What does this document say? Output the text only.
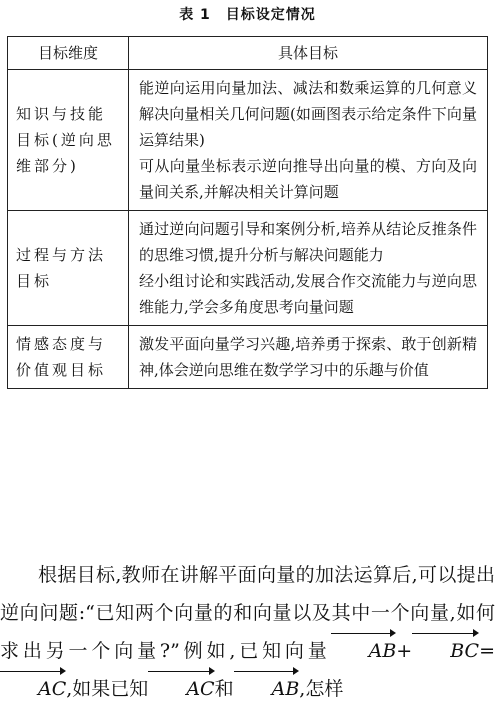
表 1　目标设定情况
目标维度	具体目标
知识与技能目标(逆向思维部分)	能逆向运用向量加法、减法和数乘运算的几何意义解决向量相关几何问题(如画图表示给定条件下向量运算结果)

可从向量坐标表示逆向推导出向量的模、方向及向量间关系,并解决相关计算问题

过程与方法目标	通过逆向问题引导和案例分析,培养从结论反推条件的思维习惯,提升分析与解决问题能力

经小组讨论和实践活动,发展合作交流能力与逆向思维能力,学会多角度思考向量问题

情感态度与价值观目标	激发平面向量学习兴趣,培养勇于探索、敢于创新精神,体会逆向思维在数学学习中的乐趣与价值

根据目标,教师在讲解平面向量的加法运算后,可以提出逆向问题:“已知两个向量的和向量以及其中一个向量,如何求出另一个向量?”例如,已知向量 AB+ BC=AC,如果已知 AC和 AB,怎样
